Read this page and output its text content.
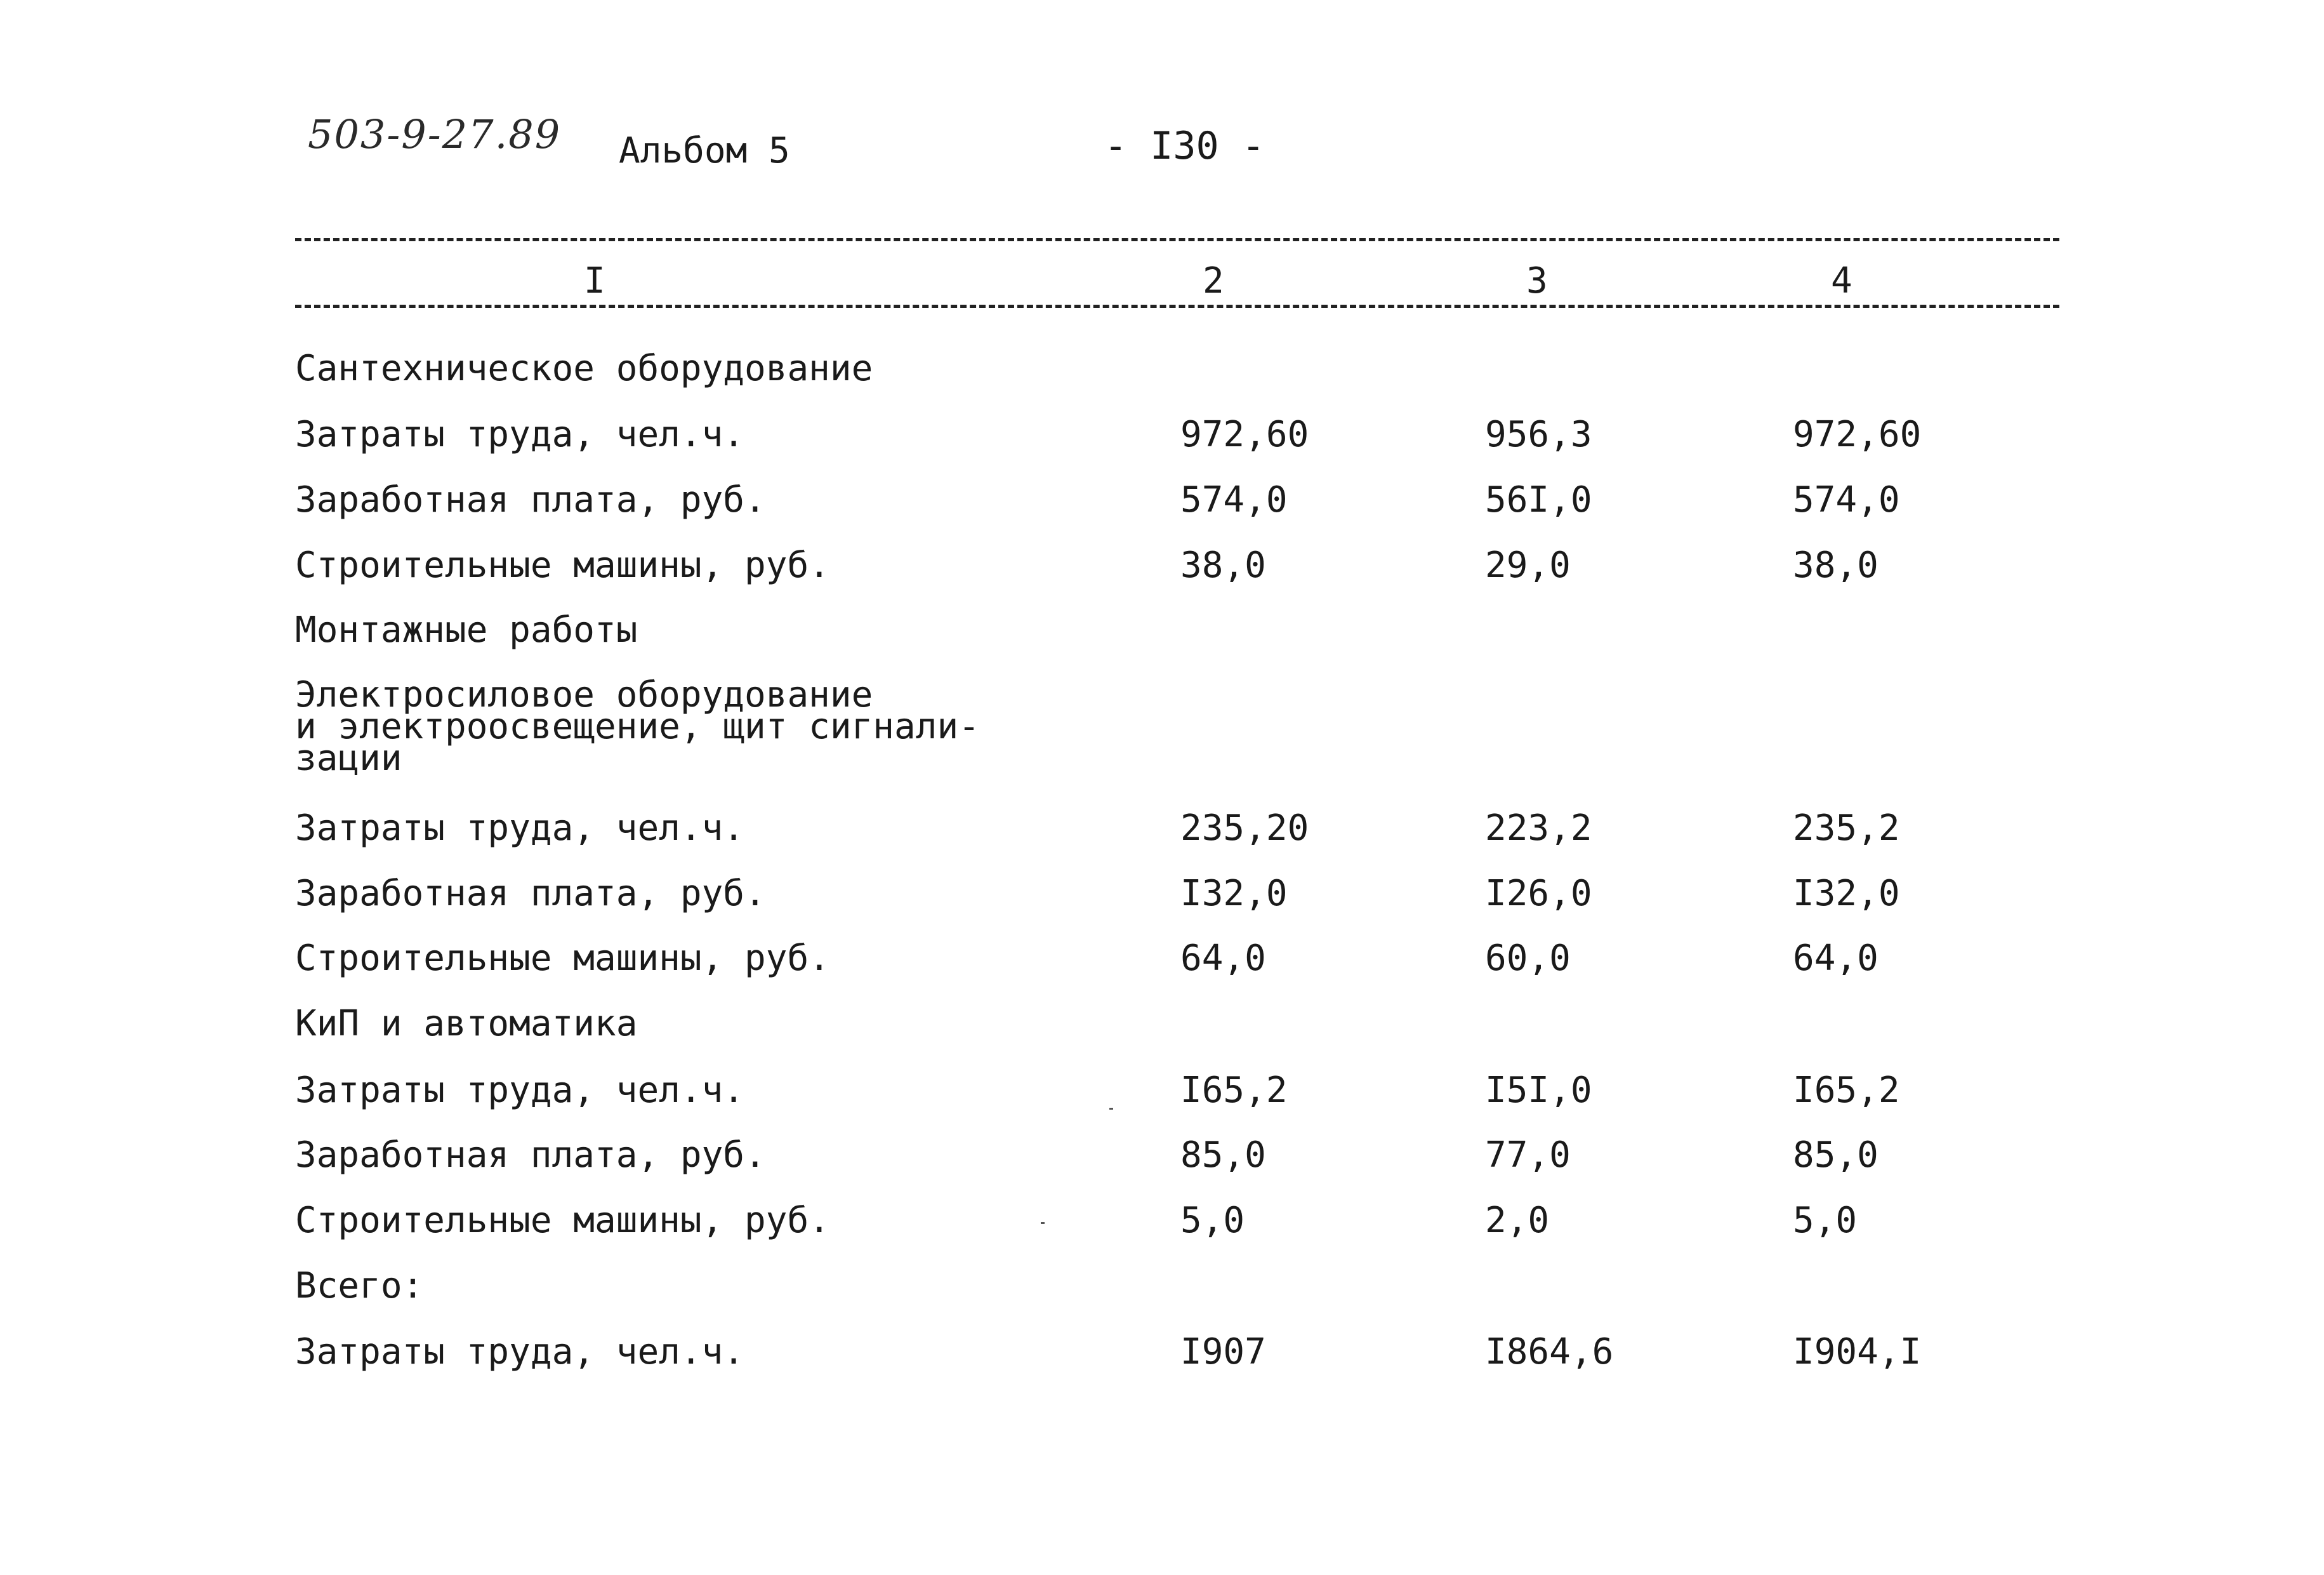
503-9-27.89 Альбом 5	- I30 -
I	2	3	4
Сантехническое оборудование
Затраты труда, чел.ч.	972,60	956,3	972,60
Заработная плата, руб.	574,0	56I,0	574,0
Строительные машины, руб.	38,0	29,0	38,0
Монтажные работы
Электросиловое оборудование
и электроосвещение, щит сигнали-
зации
Затраты труда, чел.ч.	235,20	223,2	235,2
Заработная плата, руб.	I32,0	I26,0	I32,0
Строительные машины, руб.	64,0	60,0	64,0
КиП и автоматика
Затраты труда, чел.ч.	I65,2	I5I,0	I65,2
Заработная плата, руб.	85,0	77,0	85,0
Строительные машины, руб.	5,0	2,0	5,0
Всего:
Затраты труда, чел.ч.	I907	I864,6	I904,I
